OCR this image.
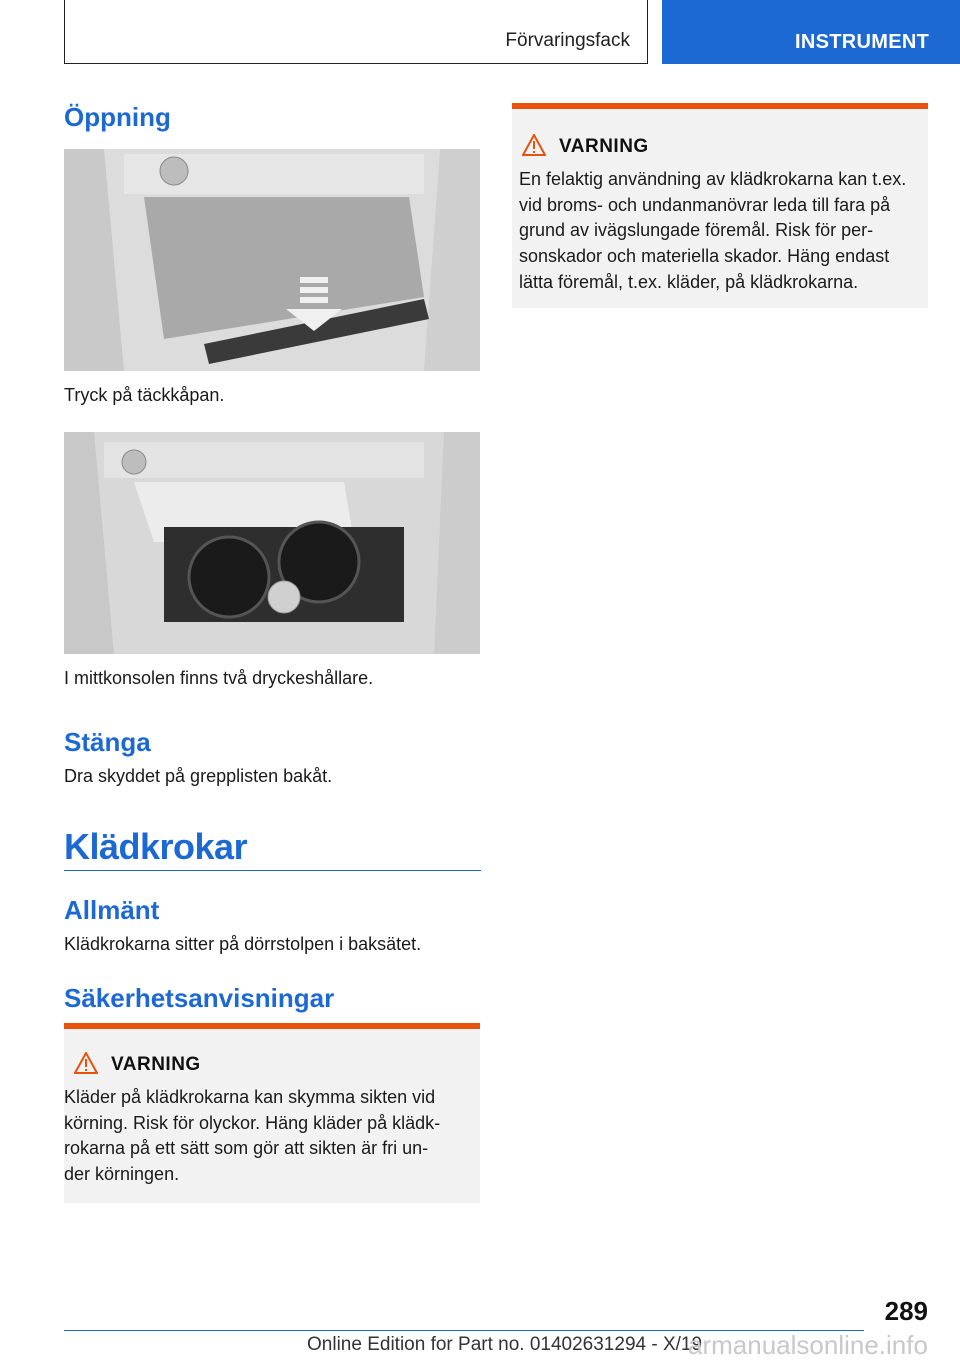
Förvaringsfack	INSTRUMENT
Öppning

Tryck på täckkåpan.

I mittkonsolen finns två dryckeshållare.

Stänga

Dra skyddet på grepplisten bakåt.

Klädkrokar
Allmänt

Klädkrokarna sitter på dörrstolpen i baksätet.

Säkerhetsanvisningar
VARNING
Kläder på klädkrokarna kan skymma sikten vid
körning. Risk för olyckor. Häng kläder på klädk-
rokarna på ett sätt som gör att sikten är fri un-
der körningen.
VARNING
En felaktig användning av klädkrokarna kan t.ex.
vid broms- och undanmanövrar leda till fara på
grund av ivägslungade föremål. Risk för per-
sonskador och materiella skador. Häng endast
lätta föremål, t.ex. kläder, på klädkrokarna.
289
Online Edition for Part no. 01402631294 - X/19
armanualsonline.info
